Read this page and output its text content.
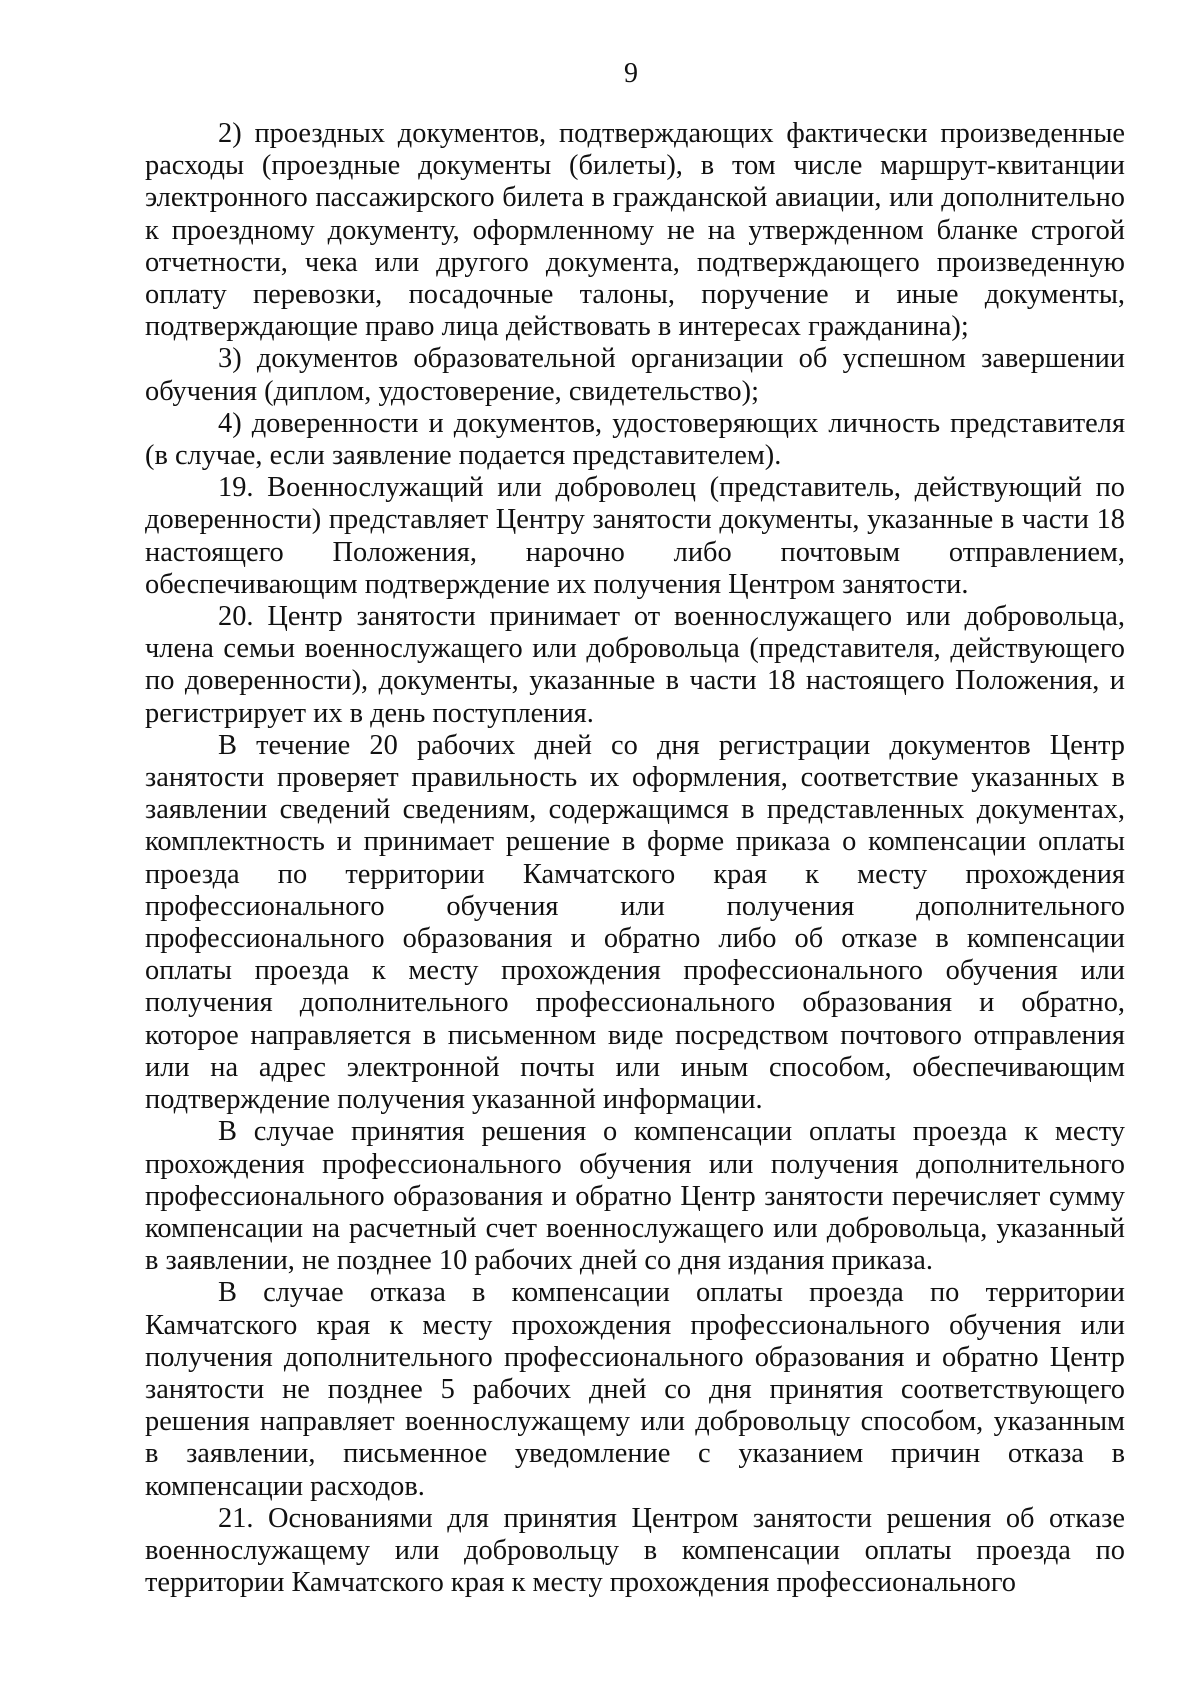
9

2) проездных документов, подтверждающих фактически произведенные расходы (проездные документы (билеты), в том числе маршрут-квитанции электронного пассажирского билета в гражданской авиации, или дополнительно к проездному документу, оформленному не на утвержденном бланке строгой отчетности, чека или другого документа, подтверждающего произведенную оплату перевозки, посадочные талоны, поручение и иные документы, подтверждающие право лица действовать в интересах гражданина);

3) документов образовательной организации об успешном завершении обучения (диплом, удостоверение, свидетельство);

4) доверенности и документов, удостоверяющих личность представителя (в случае, если заявление подается представителем).

19. Военнослужащий или доброволец (представитель, действующий по доверенности) представляет Центру занятости документы, указанные в части 18 настоящего Положения, нарочно либо почтовым отправлением, обеспечивающим подтверждение их получения Центром занятости.

20. Центр занятости принимает от военнослужащего или добровольца, члена семьи военнослужащего или добровольца (представителя, действующего по доверенности), документы, указанные в части 18 настоящего Положения, и регистрирует их в день поступления.

В течение 20 рабочих дней со дня регистрации документов Центр занятости проверяет правильность их оформления, соответствие указанных в заявлении сведений сведениям, содержащимся в представленных документах, комплектность и принимает решение в форме приказа о компенсации оплаты проезда по территории Камчатского края к месту прохождения профессионального обучения или получения дополнительного профессионального образования и обратно либо об отказе в компенсации оплаты проезда к месту прохождения профессионального обучения или получения дополнительного профессионального образования и обратно, которое направляется в письменном виде посредством почтового отправления или на адрес электронной почты или иным способом, обеспечивающим подтверждение получения указанной информации.

В случае принятия решения о компенсации оплаты проезда к месту прохождения профессионального обучения или получения дополнительного профессионального образования и обратно Центр занятости перечисляет сумму компенсации на расчетный счет военнослужащего или добровольца, указанный в заявлении, не позднее 10 рабочих дней со дня издания приказа.

В случае отказа в компенсации оплаты проезда по территории Камчатского края к месту прохождения профессионального обучения или получения дополнительного профессионального образования и обратно Центр занятости не позднее 5 рабочих дней со дня принятия соответствующего решения направляет военнослужащему или добровольцу способом, указанным в заявлении, письменное уведомление с указанием причин отказа в компенсации расходов.

21. Основаниями для принятия Центром занятости решения об отказе военнослужащему или добровольцу в компенсации оплаты проезда по территории Камчатского края к месту прохождения профессионального
